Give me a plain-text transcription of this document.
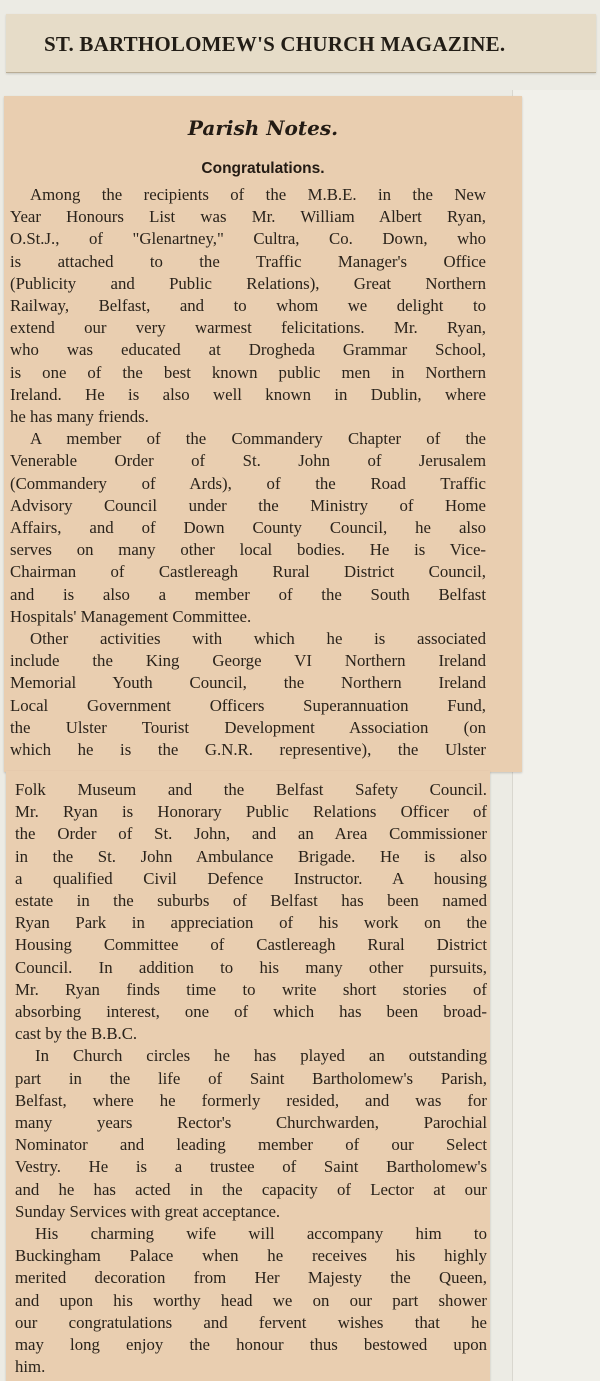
ST. BARTHOLOMEW'S CHURCH MAGAZINE.
Parish Notes.
Congratulations.
Among the recipients of the M.B.E. in the New
Year Honours List was Mr. William Albert Ryan,
O.St.J., of "Glenartney," Cultra, Co. Down, who
is attached to the Traffic Manager's Office
(Publicity and Public Relations), Great Northern
Railway, Belfast, and to whom we delight to
extend our very warmest felicitations. Mr. Ryan,
who was educated at Drogheda Grammar School,
is one of the best known public men in Northern
Ireland. He is also well known in Dublin, where
he has many friends.
A member of the Commandery Chapter of the
Venerable Order of St. John of Jerusalem
(Commandery of Ards), of the Road Traffic
Advisory Council under the Ministry of Home
Affairs, and of Down County Council, he also
serves on many other local bodies. He is Vice-
Chairman of Castlereagh Rural District Council,
and is also a member of the South Belfast
Hospitals' Management Committee.
Other activities with which he is associated
include the King George VI Northern Ireland
Memorial Youth Council, the Northern Ireland
Local Government Officers Superannuation Fund,
the Ulster Tourist Development Association (on
which he is the G.N.R. representive), the Ulster
Folk Museum and the Belfast Safety Council.
Mr. Ryan is Honorary Public Relations Officer of
the Order of St. John, and an Area Commissioner
in the St. John Ambulance Brigade. He is also
a qualified Civil Defence Instructor. A housing
estate in the suburbs of Belfast has been named
Ryan Park in appreciation of his work on the
Housing Committee of Castlereagh Rural District
Council. In addition to his many other pursuits,
Mr. Ryan finds time to write short stories of
absorbing interest, one of which has been broad-
cast by the B.B.C.
In Church circles he has played an outstanding
part in the life of Saint Bartholomew's Parish,
Belfast, where he formerly resided, and was for
many years Rector's Churchwarden, Parochial
Nominator and leading member of our Select
Vestry. He is a trustee of Saint Bartholomew's
and he has acted in the capacity of Lector at our
Sunday Services with great acceptance.
His charming wife will accompany him to
Buckingham Palace when he receives his highly
merited decoration from Her Majesty the Queen,
and upon his worthy head we on our part shower
our congratulations and fervent wishes that he
may long enjoy the honour thus bestowed upon
him.
